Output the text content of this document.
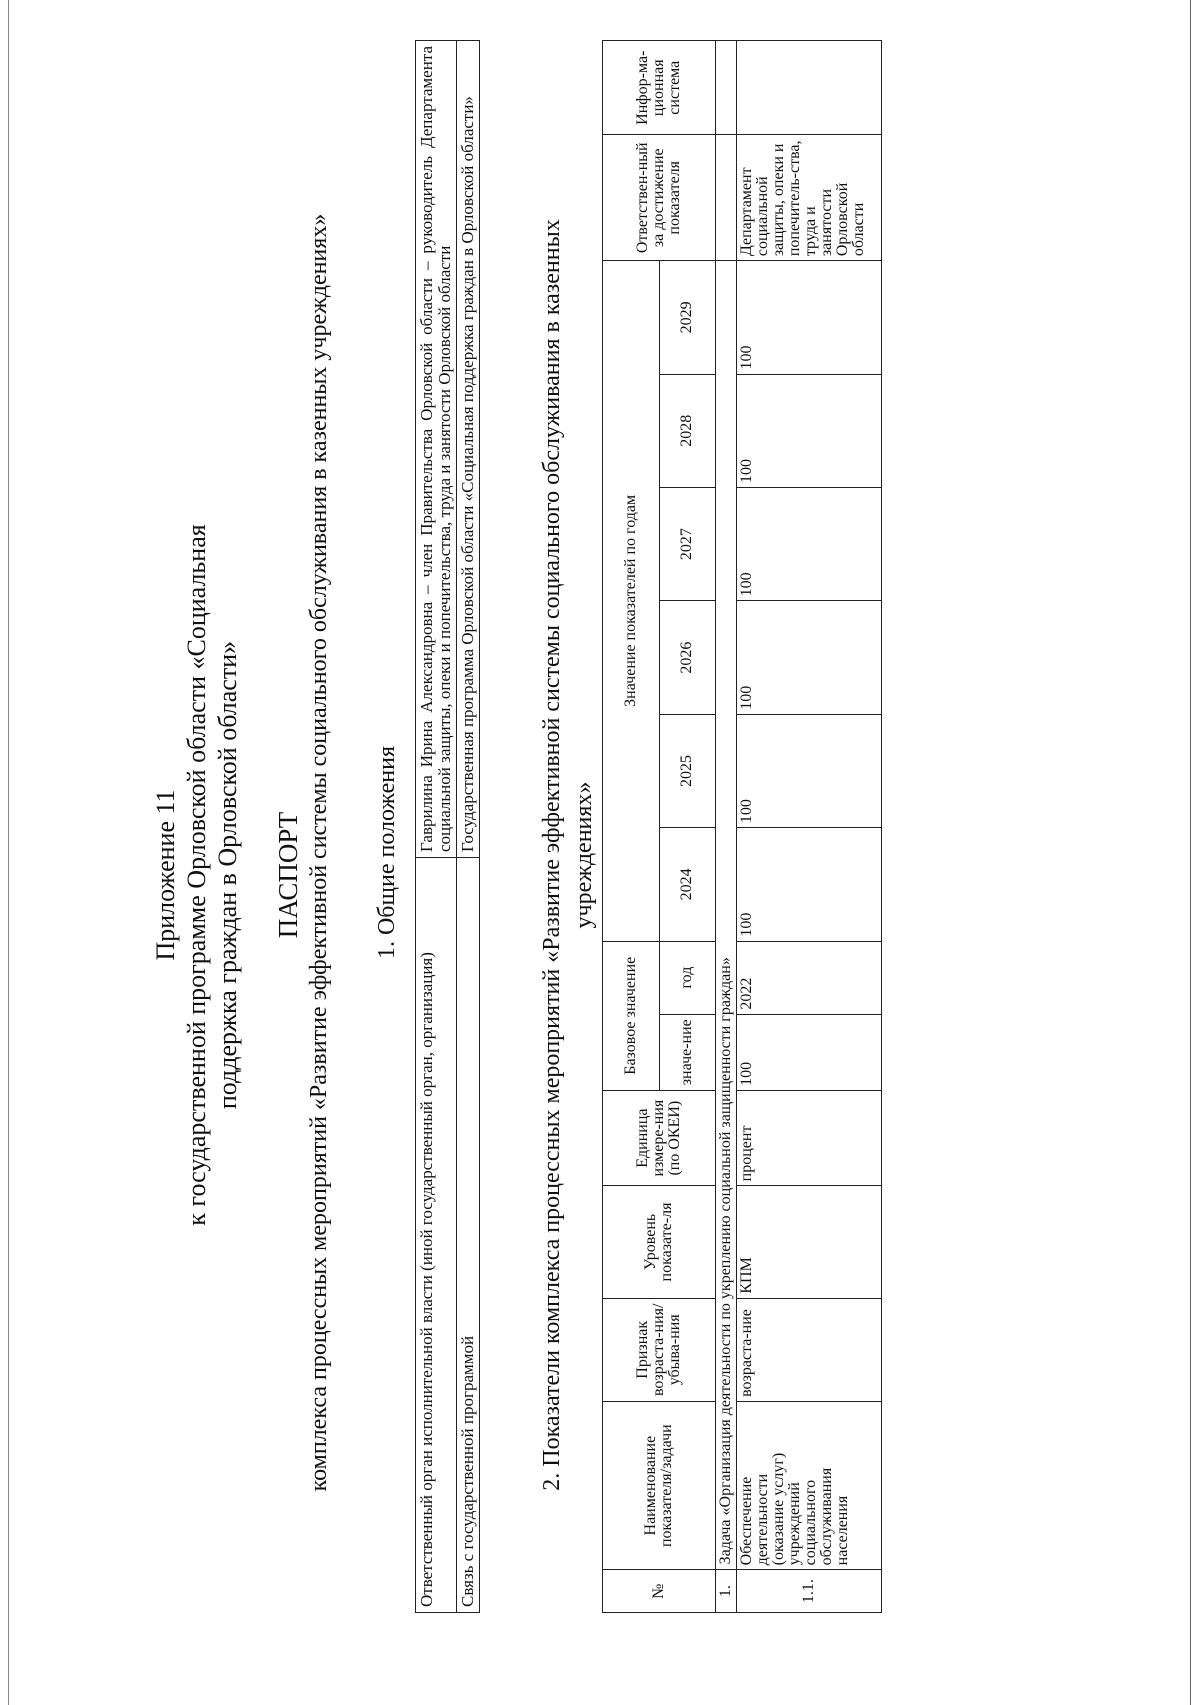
Приложение 11 к государственной программе Орловской области «Социальная поддержка граждан в Орловской области» ПАСПОРТ комплекса процессных мероприятий «Развитие эффективной системы социального обслуживания в казенных учреждениях» 1. Общие положения
Ответственный орган исполнительной власти (иной государственный орган, организация)	Гаврилина Ирина Александровна – член Правительства Орловской области – руководитель Департамента социальной защиты, опеки и попечительства, труда и занятости Орловской области
Связь с государственной программой	Государственная программа Орловской области «Социальная поддержка граждан в Орловской области»	2. Показатели комплекса процессных мероприятий «Развитие эффективной системы социального обслуживания в казенных учреждениях»
№	Наименование показателя/задачи	Признак возраста-ния/ убыва-ния	Уровень показате-ля	Единица измере-ния (по ОКЕИ)	Базовое значение		Значение показателей по годам						Ответствен-ный за достижение показателя	Инфор-ма-ционная система
					значе-ние	год	2024	2025	2026	2027	2028	2029		
1.	Задача «Организация деятельности по укреплению социальной защищенности граждан»													
1.1.	Обеспечение деятельности (оказание услуг) учреждений социального обслуживания населения	возраста-ние	КПМ	процент	100	2022	100	100	100	100	100	100	Департамент социальной защиты, опеки и попечитель-ства, труда и занятости Орловской области	
